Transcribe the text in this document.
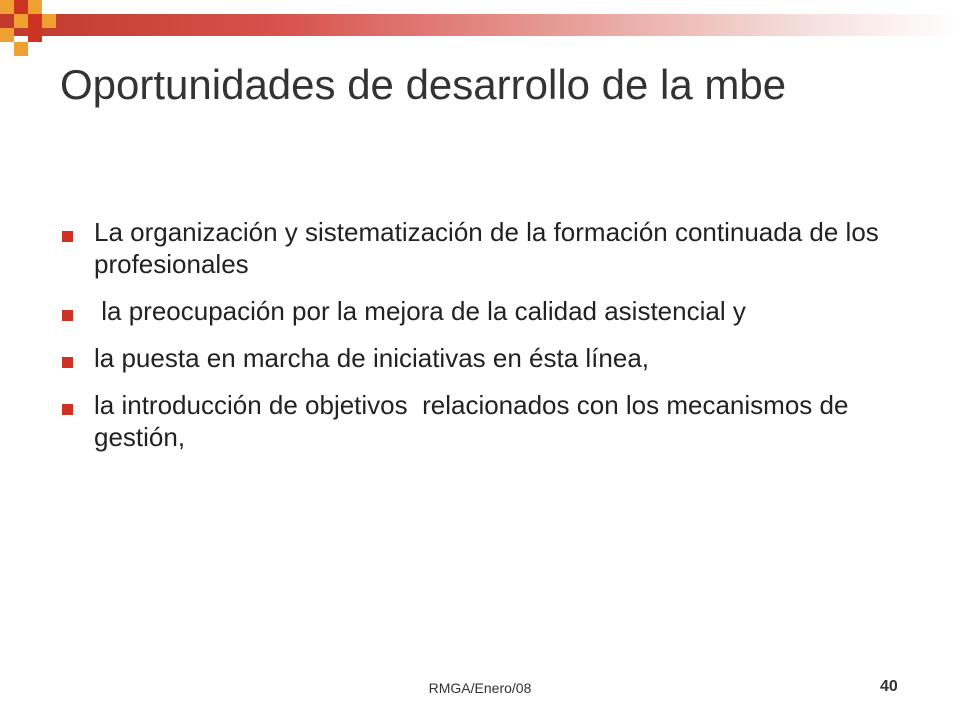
Oportunidades de desarrollo de la mbe
La organización y sistematización de la formación continuada de los profesionales
la preocupación por la mejora de la calidad asistencial y
la puesta en marcha de iniciativas en ésta línea,
la introducción de objetivos  relacionados con los mecanismos de gestión,
RMGA/Enero/08	40
